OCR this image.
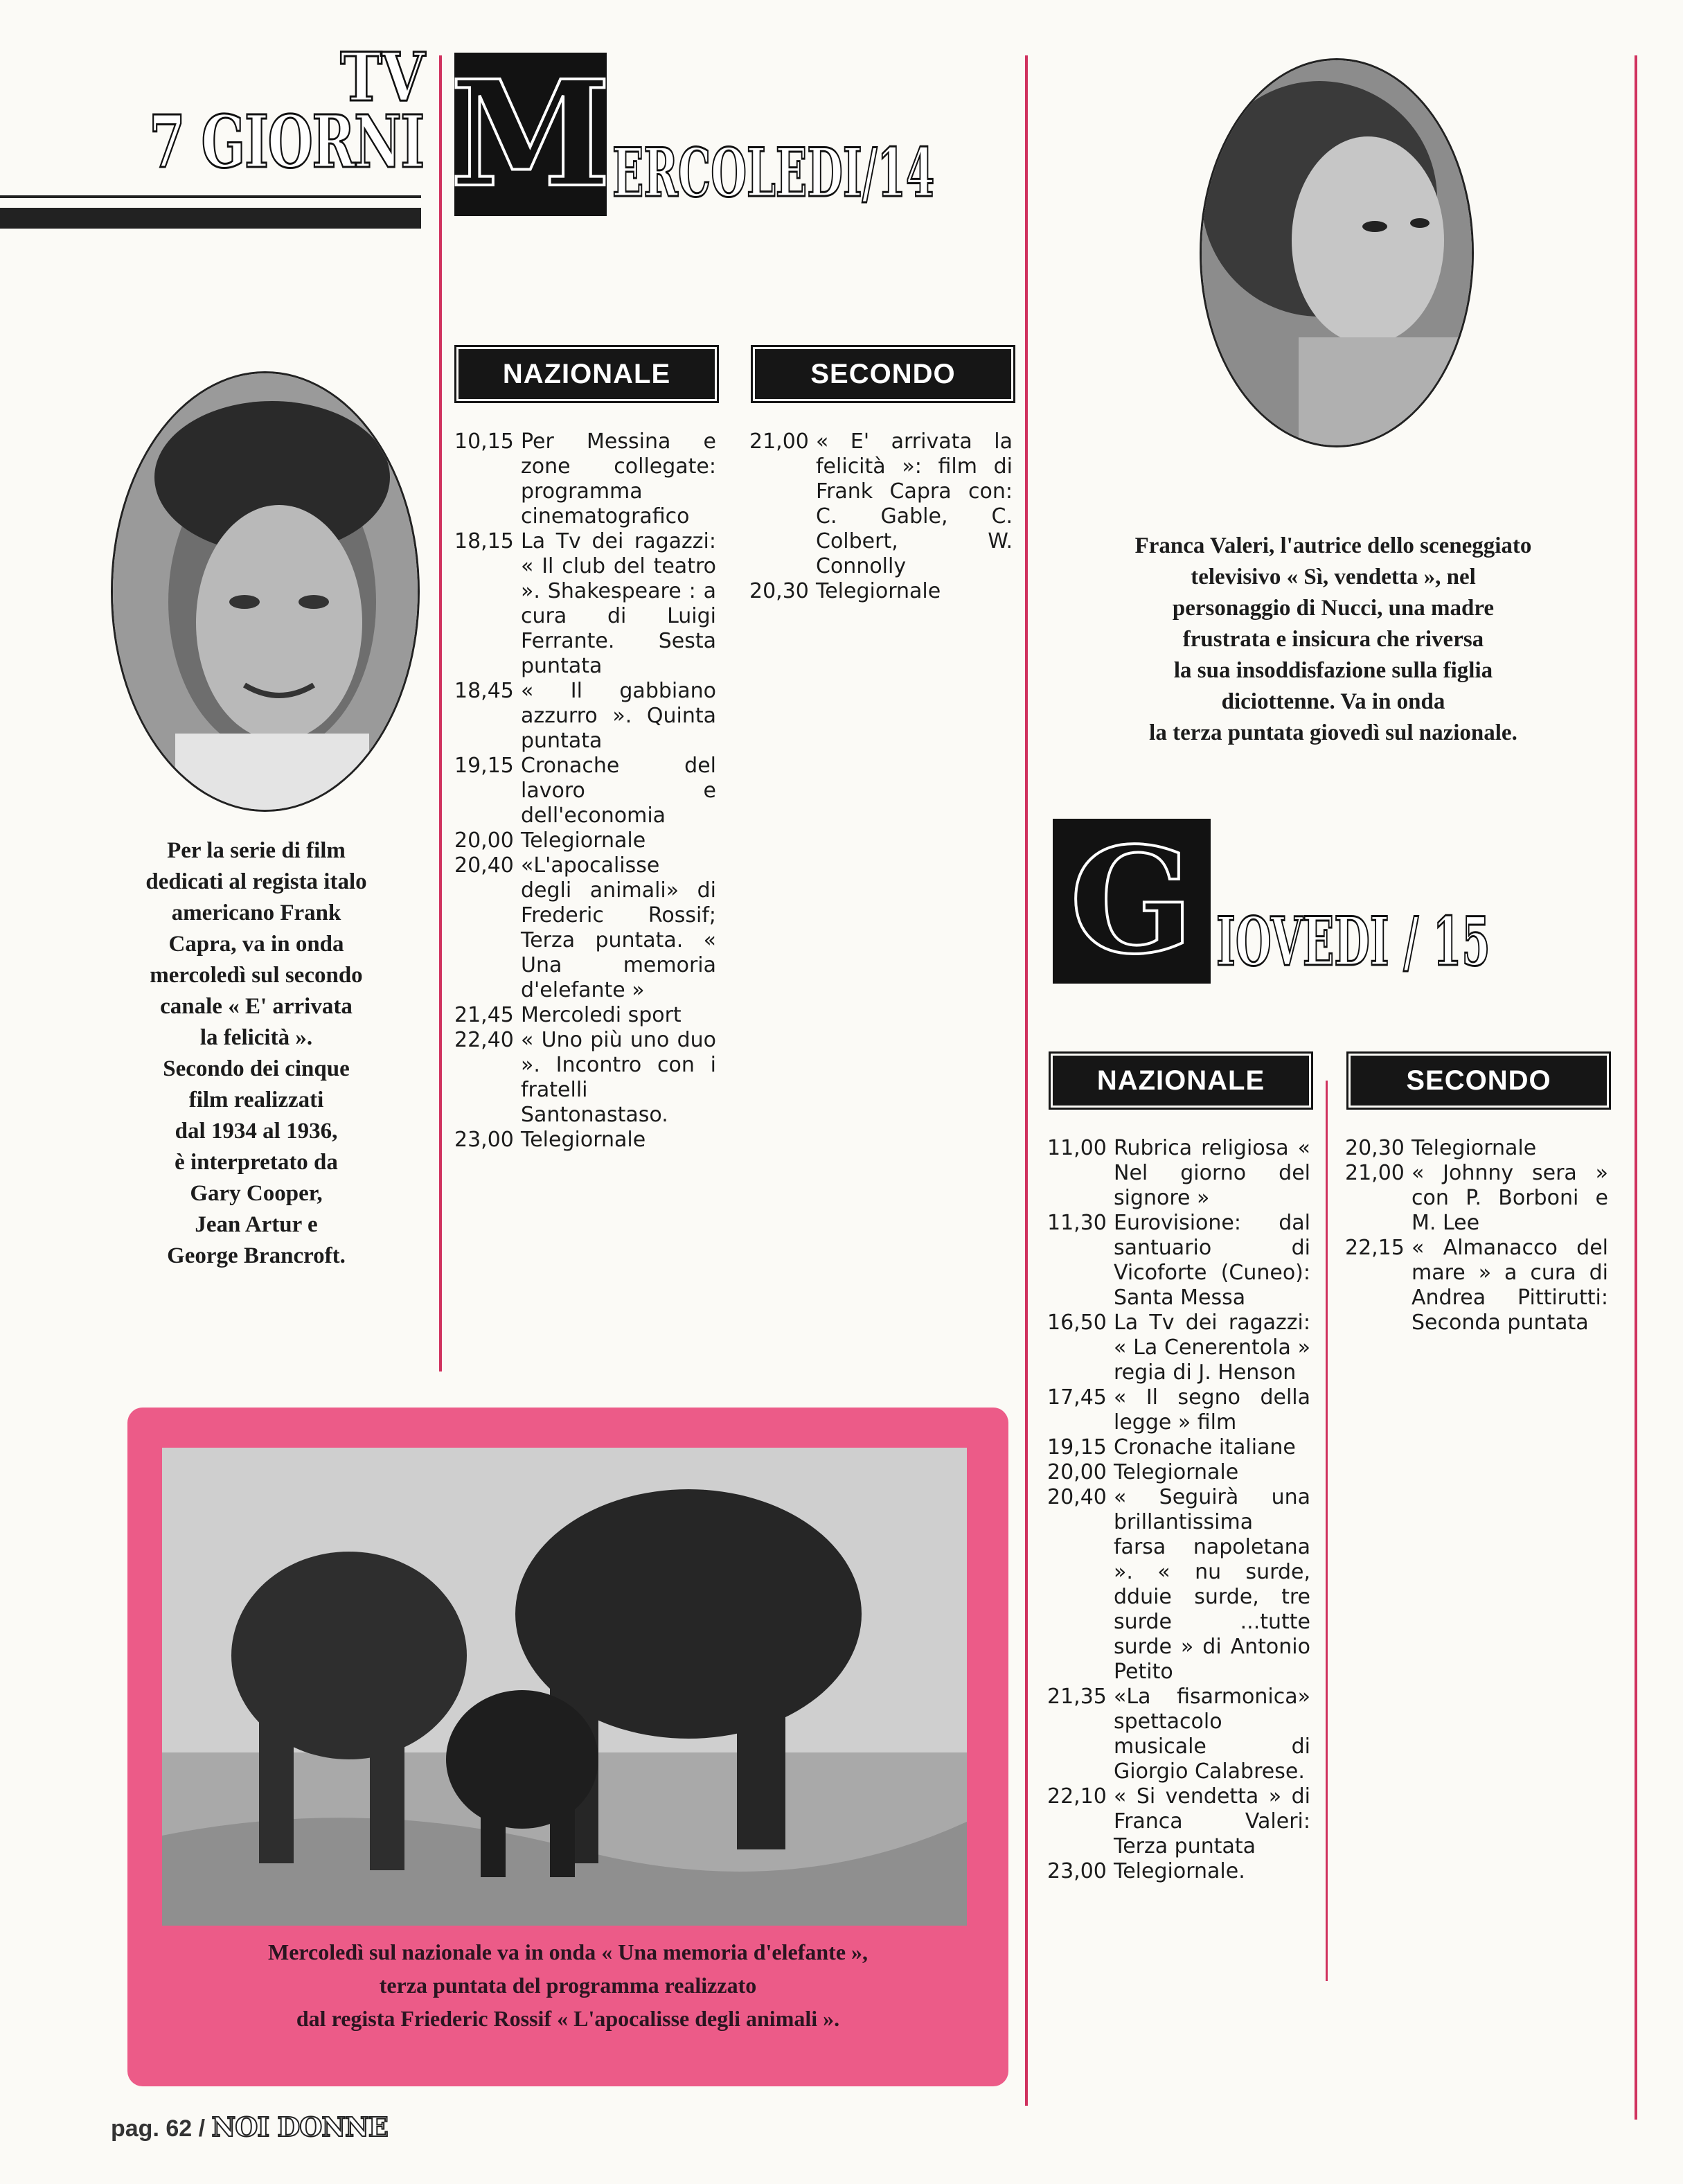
TV
7 GIORNI M ERCOLEDI/14
NAZIONALE	SECONDO
10,15 Per Messina e zone collegate: programma cinematografico
18,15 La Tv dei ragazzi: « Il club del teatro ». Shakespeare : a cura di Luigi Ferrante. Sesta puntata
18,45 « Il gabbiano azzurro ». Quinta puntata
19,15 Cronache del lavoro e dell'economia
20,00 Telegiornale
20,40 «L'apocalisse degli animali» di Frederic Rossif; Terza puntata. « Una memoria d'elefante »
21,45 Mercoledi sport
22,40 « Uno più uno duo ». Incontro con i fratelli Santonastaso.
23,00 Telegiornale
21,00 « E' arrivata la felicità »: film di Frank Capra con: C. Gable, C. Colbert, W. Connolly
20,30 Telegiornale
Per la serie di film
dedicati al regista italo
americano Frank
Capra, va in onda
mercoledì sul secondo
canale « E' arrivata
la felicità ».
Secondo dei cinque
film realizzati
dal 1934 al 1936,
è interpretato da
Gary Cooper,
Jean Artur e
George Brancroft.
Franca Valeri, l'autrice dello sceneggiato
televisivo « Sì, vendetta », nel
personaggio di Nucci, una madre
frustrata e insicura che riversa
la sua insoddisfazione sulla figlia
diciottenne. Va in onda
la terza puntata giovedì sul nazionale.
G IOVEDI / 15
NAZIONALE	SECONDO
11,00 Rubrica religiosa « Nel giorno del signore »
11,30 Eurovisione: dal santuario di Vicoforte (Cuneo): Santa Messa
16,50 La Tv dei ragazzi: « La Cenerentola » regia di J. Henson
17,45 « Il segno della legge » film
19,15 Cronache italiane
20,00 Telegiornale
20,40 « Seguirà una brillantissima farsa napoletana ». « nu surde, dduie surde, tre surde ...tutte surde » di Antonio Petito
21,35 «La fisarmonica» spettacolo musicale di Giorgio Calabrese.
22,10 « Si vendetta » di Franca Valeri: Terza puntata
23,00 Telegiornale.
20,30 Telegiornale
21,00 « Johnny sera » con P. Borboni e M. Lee
22,15 « Almanacco del mare » a cura di Andrea Pittirutti: Seconda puntata
Mercoledì sul nazionale va in onda « Una memoria d'elefante »,
terza puntata del programma realizzato
dal regista Friederic Rossif « L'apocalisse degli animali ».
pag. 62 / NOI DONNE
